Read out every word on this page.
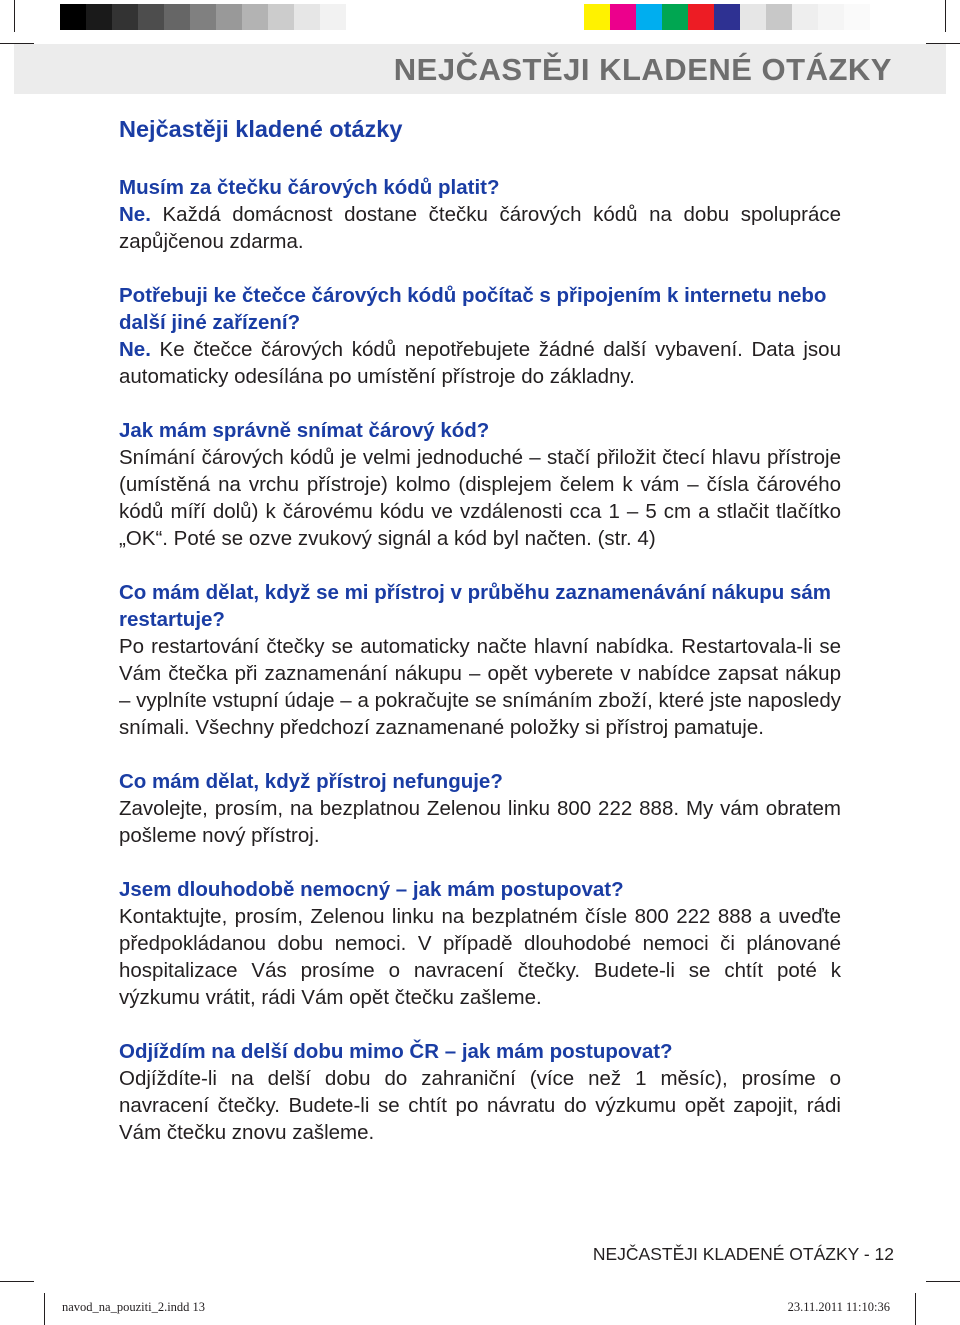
NEJČASTĚJI KLADENÉ OTÁZKY
Nejčastěji kladené otázky

Musím za čtečku čárových kódů platit?

Ne. Každá domácnost dostane čtečku čárových kódů na dobu spolupráce zapůjčenou zdarma.

Potřebuji ke čtečce čárových kódů počítač s připojením k internetu nebo další jiné zařízení?

Ne. Ke čtečce čárových kódů nepotřebujete žádné další vybavení. Data jsou automaticky odesílána po umístění přístroje do základny.

Jak mám správně snímat čárový kód?

Snímání čárových kódů je velmi jednoduché – stačí přiložit čtecí hlavu přístroje (umístěná na vrchu přístroje) kolmo (displejem čelem k vám – čísla čárového kódů míří dolů) k čárovému kódu ve vzdálenosti cca 1 – 5 cm a stlačit tlačítko „OK“. Poté se ozve zvukový signál a kód byl načten. (str. 4)

Co mám dělat, když se mi přístroj v průběhu zaznamenávání nákupu sám restartuje?

Po restartování čtečky se automaticky načte hlavní nabídka. Restartovala-li se Vám čtečka při zaznamenání nákupu – opět vyberete v nabídce zapsat nákup – vyplníte vstupní údaje – a pokračujte se snímáním zboží, které jste naposledy snímali. Všechny předchozí zaznamenané položky si přístroj pamatuje.

Co mám dělat, když přístroj nefunguje?

Zavolejte, prosím, na bezplatnou Zelenou linku 800 222 888. My vám obratem pošleme nový přístroj.

Jsem dlouhodobě nemocný – jak mám postupovat?

Kontaktujte, prosím, Zelenou linku na bezplatném čísle 800 222 888 a uveďte předpokládanou dobu nemoci. V případě dlouhodobé nemoci či plánované hospitalizace Vás prosíme o navracení čtečky. Budete-li se chtít poté k výzkumu vrátit, rádi Vám opět čtečku zašleme.

Odjíždím na delší dobu mimo ČR – jak mám postupovat?

Odjíždíte-li na delší dobu do zahraniční (více než 1 měsíc), prosíme o navracení čtečky. Budete-li se chtít po návratu do výzkumu opět zapojit, rádi Vám čtečku znovu zašleme.

NEJČASTĚJI KLADENÉ OTÁZKY - 12
navod_na_pouziti_2.indd 13	23.11.2011 11:10:36
